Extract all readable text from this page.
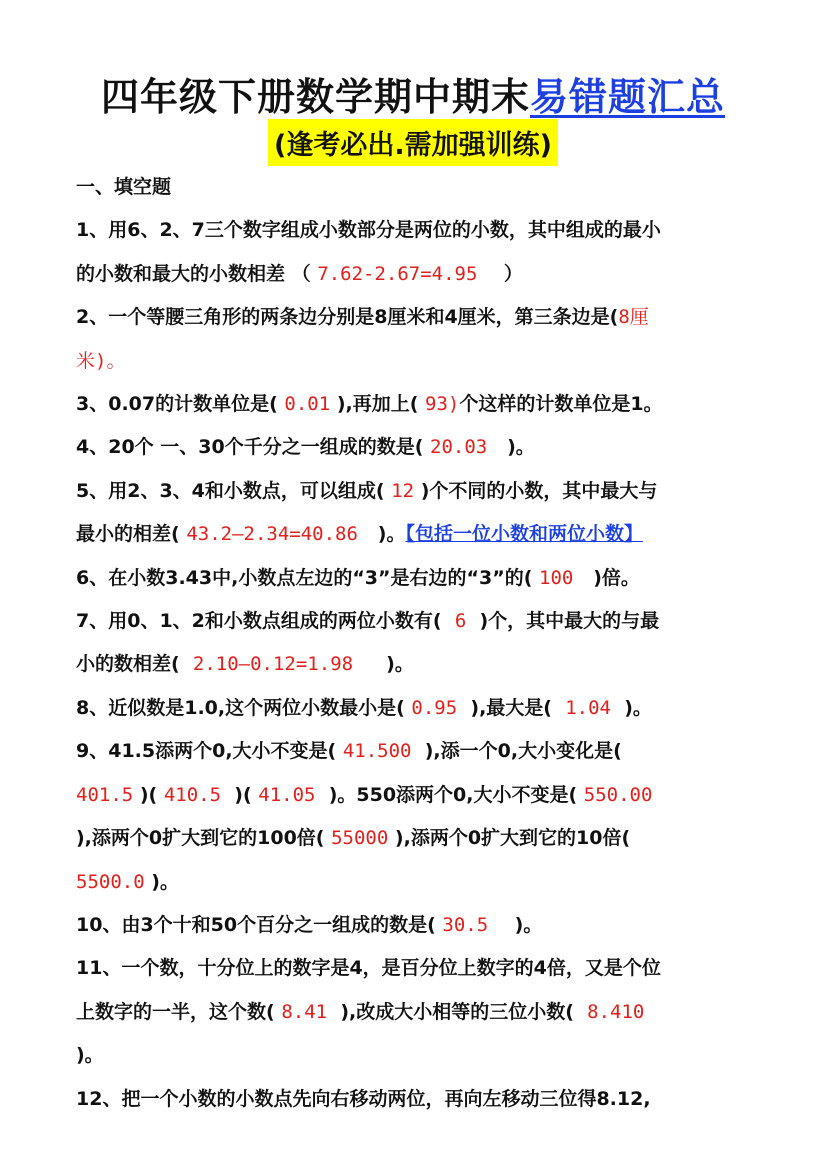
四年级下册数学期中期末易错题汇总
(逢考必出.需加强训练)

一、填空题

1、用6、2、7三个数字组成小数部分是两位的小数，其中组成的最小

的小数和最大的小数相差 （ 7.62-2.67=4.95 ）

2、一个等腰三角形的两条边分别是8厘米和4厘米，第三条边是(8厘

米)。

3、0.07的计数单位是( 0.01 ),再加上( 93)个这样的计数单位是1。

4、20个 一、30个千分之一组成的数是( 20.03 )。

5、用2、3、4和小数点，可以组成( 12 )个不同的小数，其中最大与

最小的相差( 43.2—2.34=40.86 )。【包括一位小数和两位小数】

6、在小数3.43中,小数点左边的“3”是右边的“3”的( 100 )倍。

7、用0、1、2和小数点组成的两位小数有( 6 )个，其中最大的与最

小的数相差( 2.10—0.12=1.98 )。

8、近似数是1.0,这个两位小数最小是( 0.95 ),最大是( 1.04 )。

9、41.5添两个0,大小不变是( 41.500 ),添一个0,大小变化是(

401.5 )( 410.5 )( 41.05 )。550添两个0,大小不变是( 550.00

),添两个0扩大到它的100倍( 55000 ),添两个0扩大到它的10倍(

5500.0 )。

10、由3个十和50个百分之一组成的数是( 30.5 )。

11、一个数，十分位上的数字是4，是百分位上数字的4倍，又是个位

上数字的一半，这个数( 8.41 ),改成大小相等的三位小数( 8.410

)。

12、把一个小数的小数点先向右移动两位，再向左移动三位得8.12,
